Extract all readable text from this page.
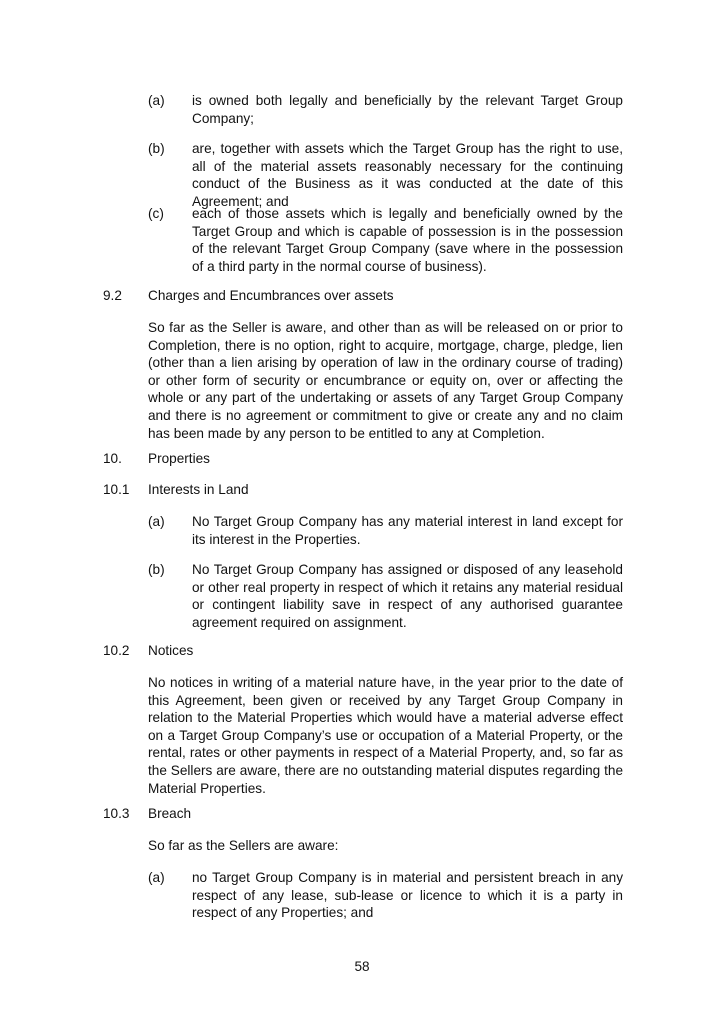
(a) is owned both legally and beneficially by the relevant Target Group Company;

(b) are, together with assets which the Target Group has the right to use, all of the material assets reasonably necessary for the continuing conduct of the Business as it was conducted at the date of this Agreement; and

(c) each of those assets which is legally and beneficially owned by the Target Group and which is capable of possession is in the possession of the relevant Target Group Company (save where in the possession of a third party in the normal course of business).

9.2 Charges and Encumbrances over assets

So far as the Seller is aware, and other than as will be released on or prior to Completion, there is no option, right to acquire, mortgage, charge, pledge, lien (other than a lien arising by operation of law in the ordinary course of trading) or other form of security or encumbrance or equity on, over or affecting the whole or any part of the undertaking or assets of any Target Group Company and there is no agreement or commitment to give or create any and no claim has been made by any person to be entitled to any at Completion.

10. Properties
10.1 Interests in Land
(a) No Target Group Company has any material interest in land except for its interest in the Properties.

(b) No Target Group Company has assigned or disposed of any leasehold or other real property in respect of which it retains any material residual or contingent liability save in respect of any authorised guarantee agreement required on assignment.

10.2 Notices

No notices in writing of a material nature have, in the year prior to the date of this Agreement, been given or received by any Target Group Company in relation to the Material Properties which would have a material adverse effect on a Target Group Company’s use or occupation of a Material Property, or the rental, rates or other payments in respect of a Material Property, and, so far as the Sellers are aware, there are no outstanding material disputes regarding the Material Properties.

10.3 Breach

So far as the Sellers are aware:

(a) no Target Group Company is in material and persistent breach in any respect of any lease, sub-lease or licence to which it is a party in respect of any Properties; and

58
